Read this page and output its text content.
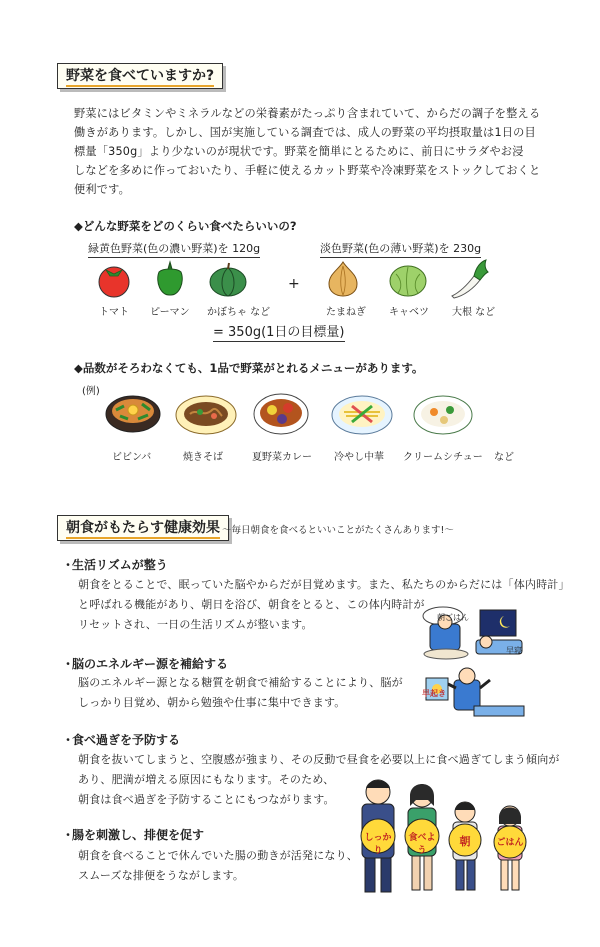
野菜を食べていますか?
野菜にはビタミンやミネラルなどの栄養素がたっぷり含まれていて、からだの調子を整える
働きがあります。しかし、国が実施している調査では、成人の野菜の平均摂取量は1日の目
標量「350g」より少ないのが現状です。野菜を簡単にとるために、前日にサラダやお浸
しなどを多めに作っておいたり、手軽に使えるカット野菜や冷凍野菜をストックしておくと
便利です。
◆どんな野菜をどのくらい食べたらいいの?
緑黄色野菜(色の濃い野菜)を 120g	淡色野菜(色の薄い野菜)を 230g
+
トマト ピーマン かぼちゃ など	たまねぎ キャベツ 大根 など
= 350g(1日の目標量)
◆品数がそろわなくても、1品で野菜がとれるメニューがあります。
(例)
ビビンバ	焼きそば	夏野菜カレー 冷やし中華 クリームシチュー など
朝食がもたらす健康効果 〜毎日朝食を食べるといいことがたくさんあります!〜
・
生活リズムが整う
朝食をとることで、眠っていた脳やからだが目覚めます。また、私たちのからだには「体内時計」
と呼ばれる機能があり、朝日を浴び、朝食をとると、この体内時計が
リセットされ、一日の生活リズムが整います。
・
脳のエネルギー源を補給する
脳のエネルギー源となる糖質を朝食で補給することにより、脳が
しっかり目覚め、朝から勉強や仕事に集中できます。
朝ごはん
早寝
早起き
・
食べ過ぎを予防する
朝食を抜いてしまうと、空腹感が強まり、その反動で昼食を必要以上に食べ過ぎてしまう傾向が
あり、肥満が増える原因にもなります。そのため、
朝食は食べ過ぎを予防することにもつながります。
・
腸を刺激し、排便を促す
朝食を食べることで休んでいた腸の動きが活発になり、
スムーズな排便をうながします。
しっかり
食べよう
朝	ごはん
